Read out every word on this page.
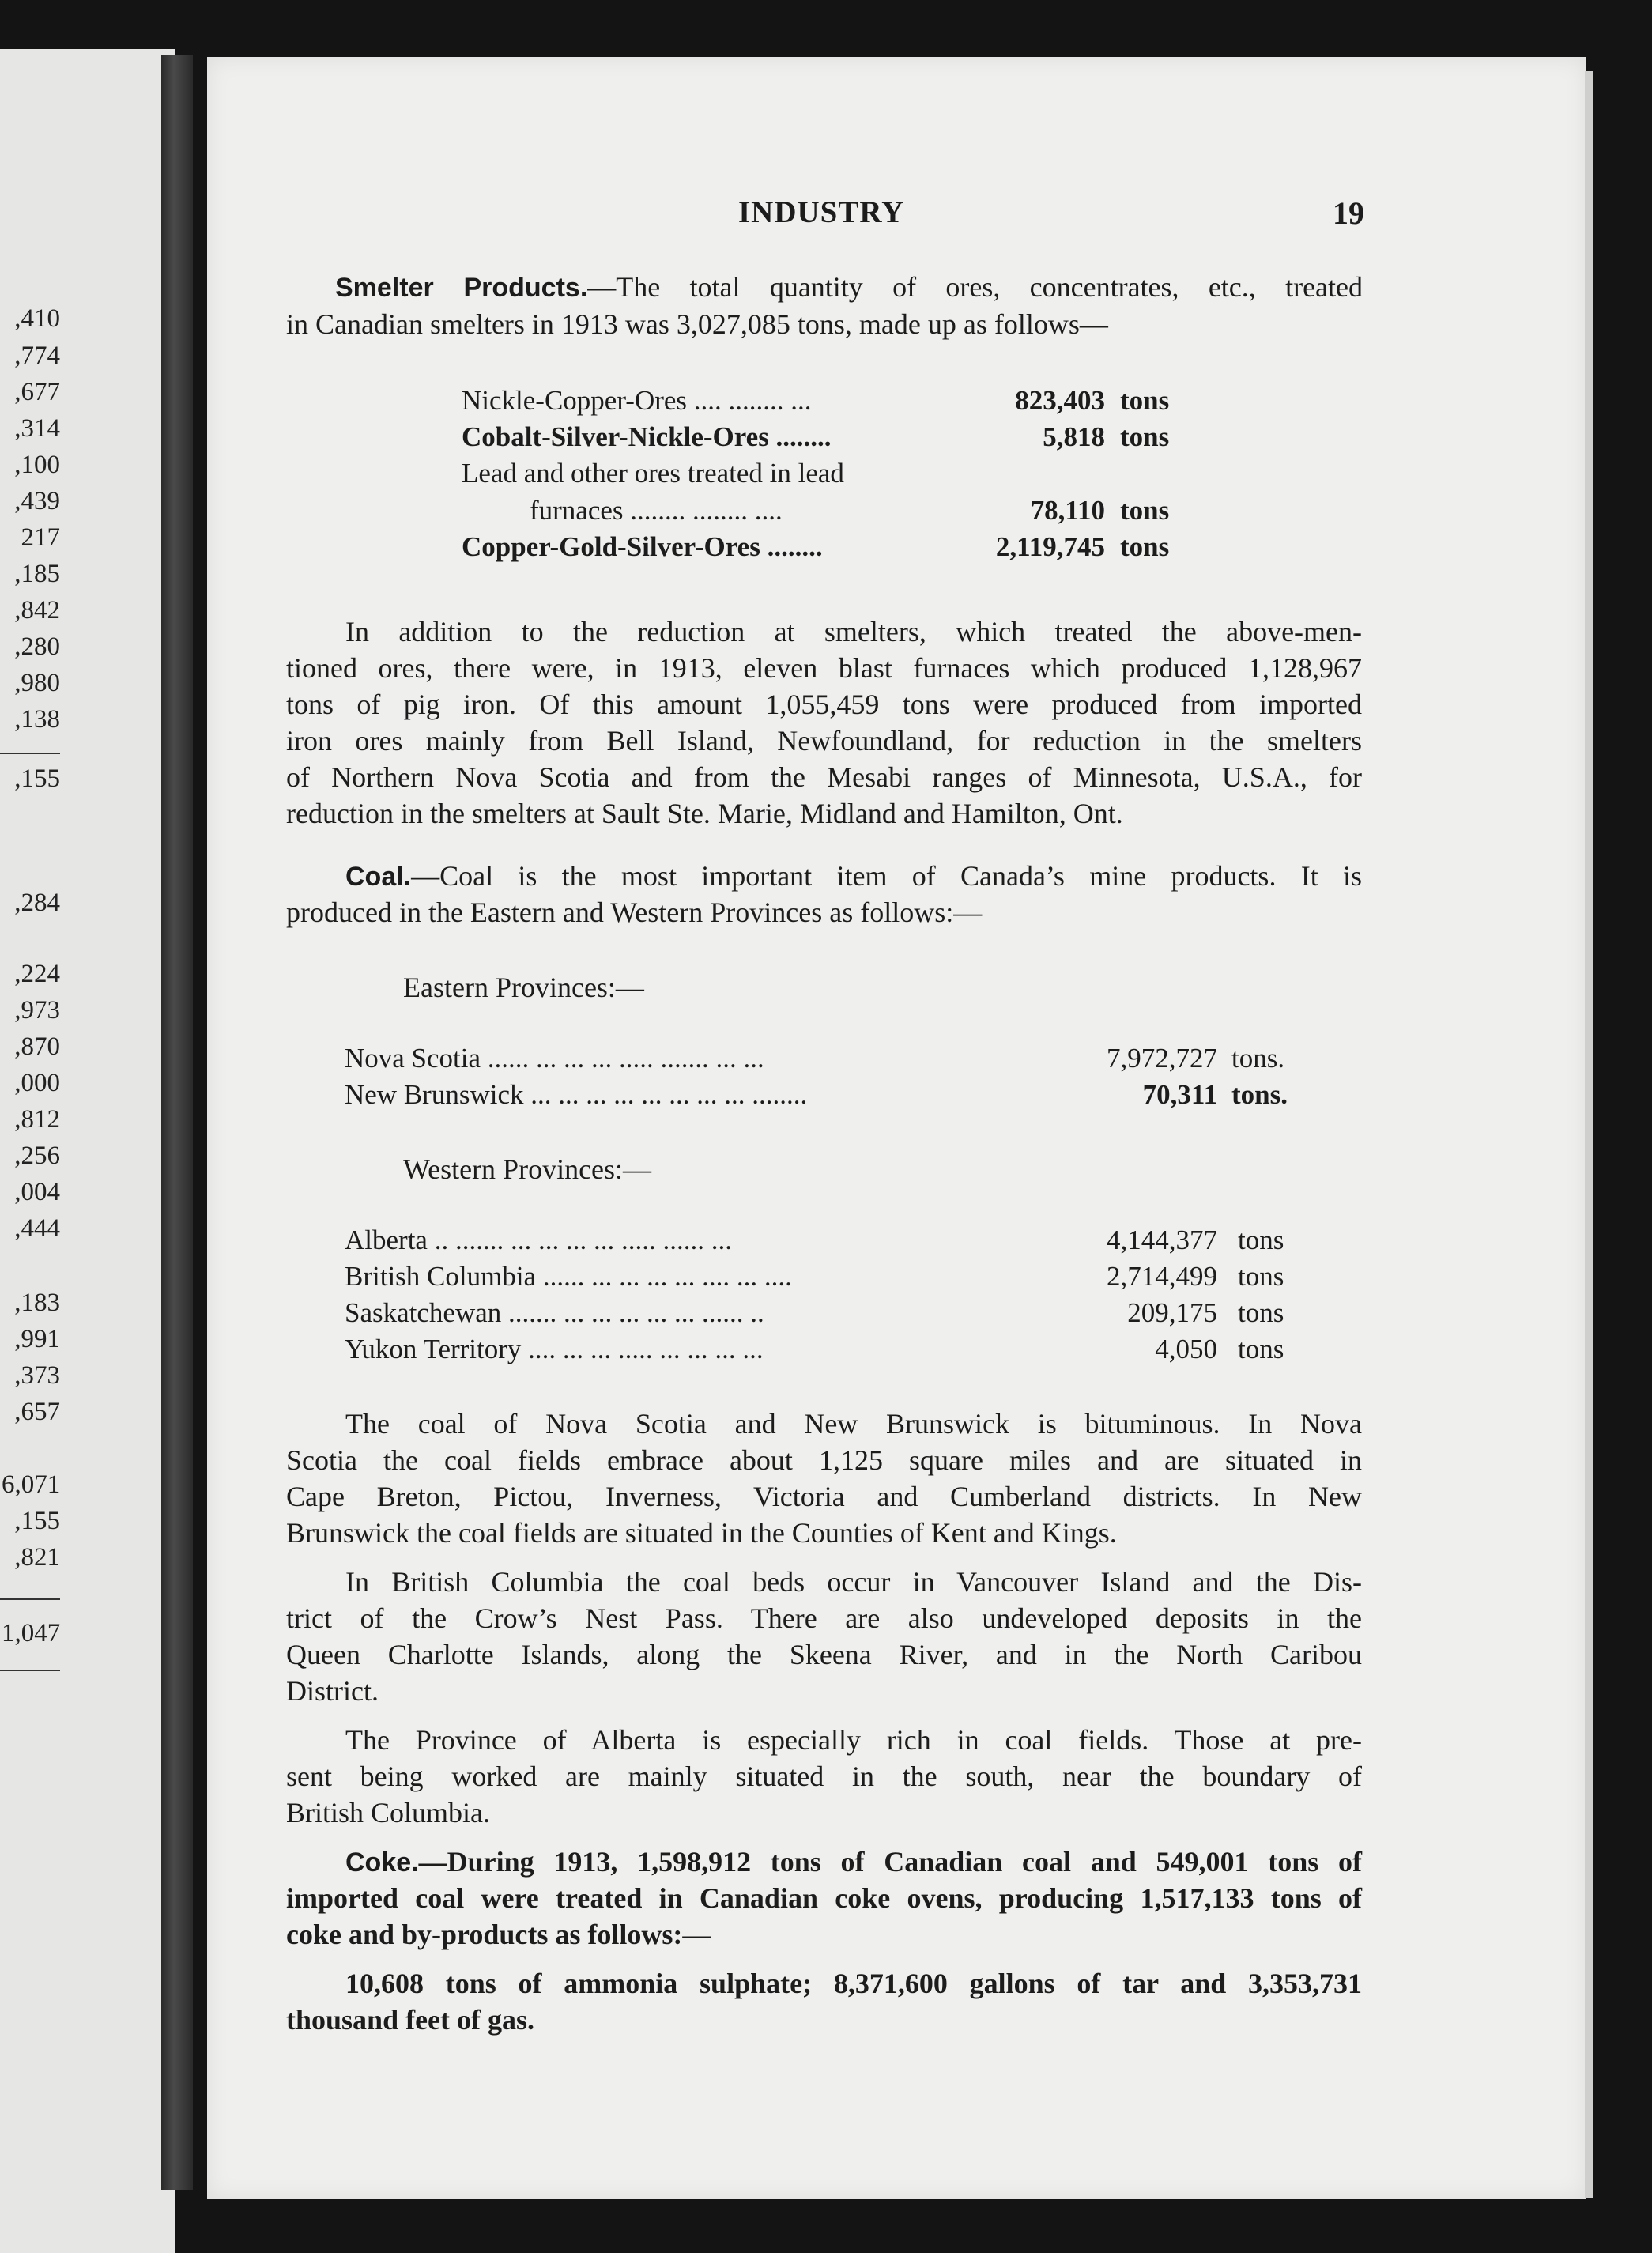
,410
,774
,677
,314
,100
,439
217
,185
,842
,280
,980
,138
,155
,284
,224
,973
,870
,000
,812
,256
,004
,444
,183
,991
,373
,657
6,071
,155
,821
1,047
INDUSTRY	19
Smelter Products.—The total quantity of ores, concentrates, etc., treated
in Canadian smelters in 1913 was 3,027,085 tons, made up as follows—
Nickle-Copper-Ores .... ........ ...	823,403 tons
Cobalt-Silver-Nickle-Ores ........	5,818 tons
Lead and other ores treated in lead
furnaces ........ ........ ....	78,110 tons
Copper-Gold-Silver-Ores ........	2,119,745 tons
In addition to the reduction at smelters, which treated the above-men-
tioned ores, there were, in 1913, eleven blast furnaces which produced 1,128,967
tons of pig iron. Of this amount 1,055,459 tons were produced from imported
iron ores mainly from Bell Island, Newfoundland, for reduction in the smelters
of Northern Nova Scotia and from the Mesabi ranges of Minnesota, U.S.A., for
reduction in the smelters at Sault Ste. Marie, Midland and Hamilton, Ont.
Coal.—Coal is the most important item of Canada’s mine products. It is
produced in the Eastern and Western Provinces as follows:—
Eastern Provinces:—
Nova Scotia ...... ... ... ... ..... ....... ... ...	7,972,727 tons.
New Brunswick ... ... ... ... ... ... ... ... ........	70,311 tons.
Western Provinces:—
Alberta .. ....... ... ... ... ... ..... ...... ...	4,144,377 tons
British Columbia ...... ... ... ... ... .... ... ....	2,714,499 tons
Saskatchewan ....... ... ... ... ... ... ...... ..	209,175 tons
Yukon Territory .... ... ... ..... ... ... ... ...	4,050 tons
The coal of Nova Scotia and New Brunswick is bituminous. In Nova
Scotia the coal fields embrace about 1,125 square miles and are situated in
Cape Breton, Pictou, Inverness, Victoria and Cumberland districts. In New
Brunswick the coal fields are situated in the Counties of Kent and Kings.
In British Columbia the coal beds occur in Vancouver Island and the Dis-
trict of the Crow’s Nest Pass. There are also undeveloped deposits in the
Queen Charlotte Islands, along the Skeena River, and in the North Caribou
District.
The Province of Alberta is especially rich in coal fields. Those at pre-
sent being worked are mainly situated in the south, near the boundary of
British Columbia.
Coke.—During 1913, 1,598,912 tons of Canadian coal and 549,001 tons of
imported coal were treated in Canadian coke ovens, producing 1,517,133 tons of
coke and by-products as follows:—
10,608 tons of ammonia sulphate; 8,371,600 gallons of tar and 3,353,731
thousand feet of gas.
